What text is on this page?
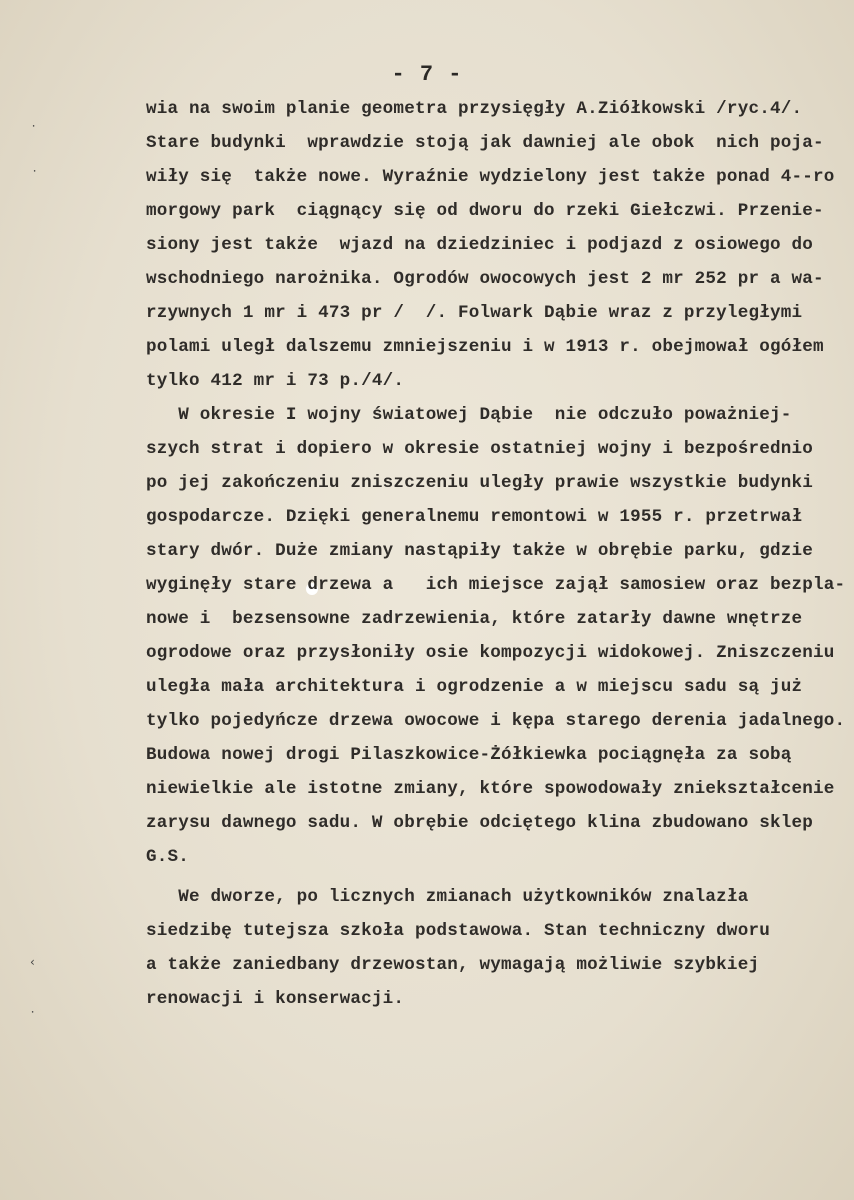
- 7 -
⸱
⸱
‹
⸱
wia na swoim planie geometra przysięgły A.Ziółkowski /ryc.4/.
Stare budynki  wprawdzie stoją jak dawniej ale obok  nich poja-
wiły się  także nowe. Wyraźnie wydzielony jest także ponad 4--ro
morgowy park  ciągnący się od dworu do rzeki Giełczwi. Przenie-
siony jest także  wjazd na dziedziniec i podjazd z osiowego do
wschodniego narożnika. Ogrodów owocowych jest 2 mr 252 pr a wa-
rzywnych 1 mr i 473 pr /  /. Folwark Dąbie wraz z przyległymi
polami uległ dalszemu zmniejszeniu i w 1913 r. obejmował ogółem
tylko 412 mr i 73 p./4/.
W okresie I wojny światowej Dąbie  nie odczuło poważniej-
szych strat i dopiero w okresie ostatniej wojny i bezpośrednio
po jej zakończeniu zniszczeniu uległy prawie wszystkie budynki
gospodarcze. Dzięki generalnemu remontowi w 1955 r. przetrwał
stary dwór. Duże zmiany nastąpiły także w obrębie parku, gdzie
wyginęły stare drzewa a   ich miejsce zajął samosiew oraz bezpla-
nowe i  bezsensowne zadrzewienia, które zatarły dawne wnętrze
ogrodowe oraz przysłoniły osie kompozycji widokowej. Zniszczeniu
uległa mała architektura i ogrodzenie a w miejscu sadu są już
tylko pojedyńcze drzewa owocowe i kępa starego derenia jadalnego.
Budowa nowej drogi Pilaszkowice-Żółkiewka pociągnęła za sobą
niewielkie ale istotne zmiany, które spowodowały zniekształcenie
zarysu dawnego sadu. W obrębie odciętego klina zbudowano sklep
G.S.
We dworze, po licznych zmianach użytkowników znalazła
siedzibę tutejsza szkoła podstawowa. Stan techniczny dworu
a także zaniedbany drzewostan, wymagają możliwie szybkiej
renowacji i konserwacji.
